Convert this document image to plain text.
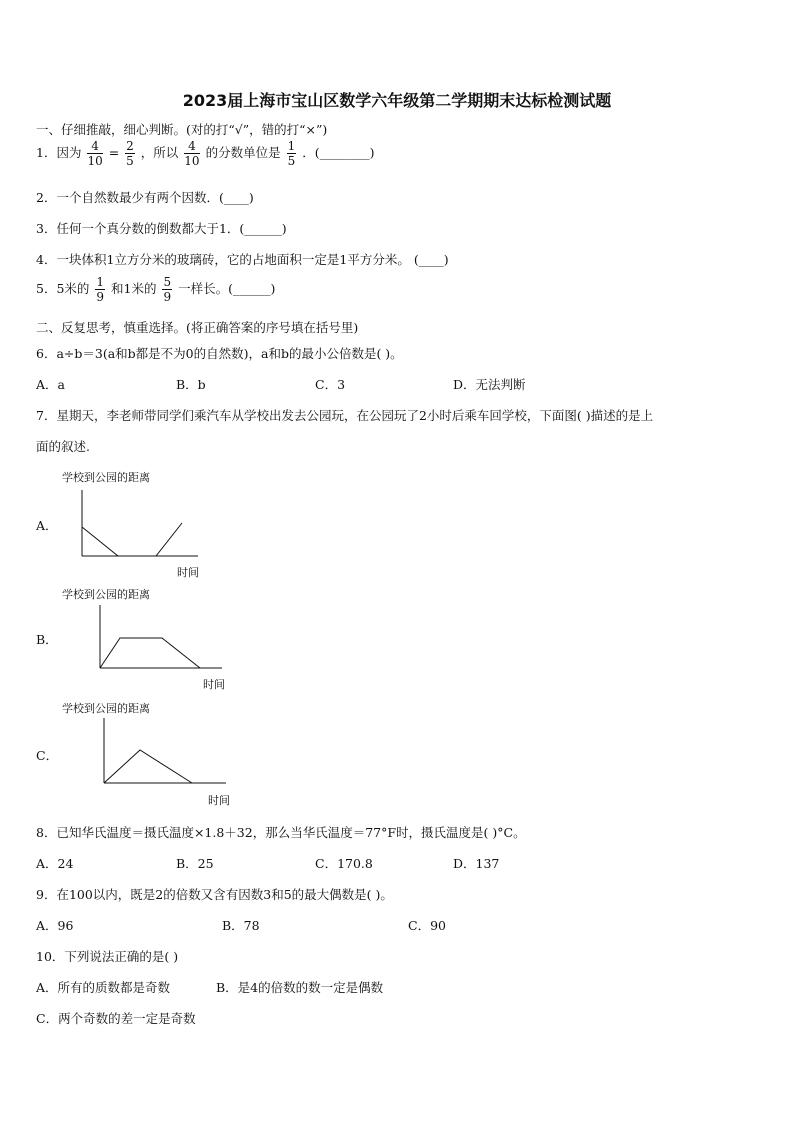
2023届上海市宝山区数学六年级第二学期期末达标检测试题
一、仔细推敲，细心判断。(对的打“√”，错的打“×”)
1．因为 $\frac{4}{10} = \frac{2}{5}$ ，所以 $\frac{4}{10}$ 的分数单位是 $\frac{1}{5}$ ．(________)
2．一个自然数最少有两个因数．(____)
3．任何一个真分数的倒数都大于1．(______)
4．一块体积1立方分米的玻璃砖，它的占地面积一定是1平方分米。 (____)
5．5米的 $\frac{1}{9}$ 和1米的 $\frac{5}{9}$ 一样长。(______)
二、反复思考，慎重选择。(将正确答案的序号填在括号里)
6．a÷b＝3(a和b都是不为0的自然数)，a和b的最小公倍数是( )。
A．a	B．b	C．3	D．无法判断
7．星期天，李老师带同学们乘汽车从学校出发去公园玩，在公园玩了2小时后乘车回学校，下面图( )描述的是上
面的叙述.
A．
学校到公园的距离
时间
B．
学校到公园的距离
时间
C．
学校到公园的距离
时间
8．已知华氏温度＝摄氏温度×1.8＋32，那么当华氏温度＝77°F时，摄氏温度是( )°C。
A．24	B．25	C．170.8	D．137
9．在100以内，既是2的倍数又含有因数3和5的最大偶数是( )。
A．96	B．78	C．90
10．下列说法正确的是( )
A．所有的质数都是奇数	B．是4的倍数的数一定是偶数
C．两个奇数的差一定是奇数
